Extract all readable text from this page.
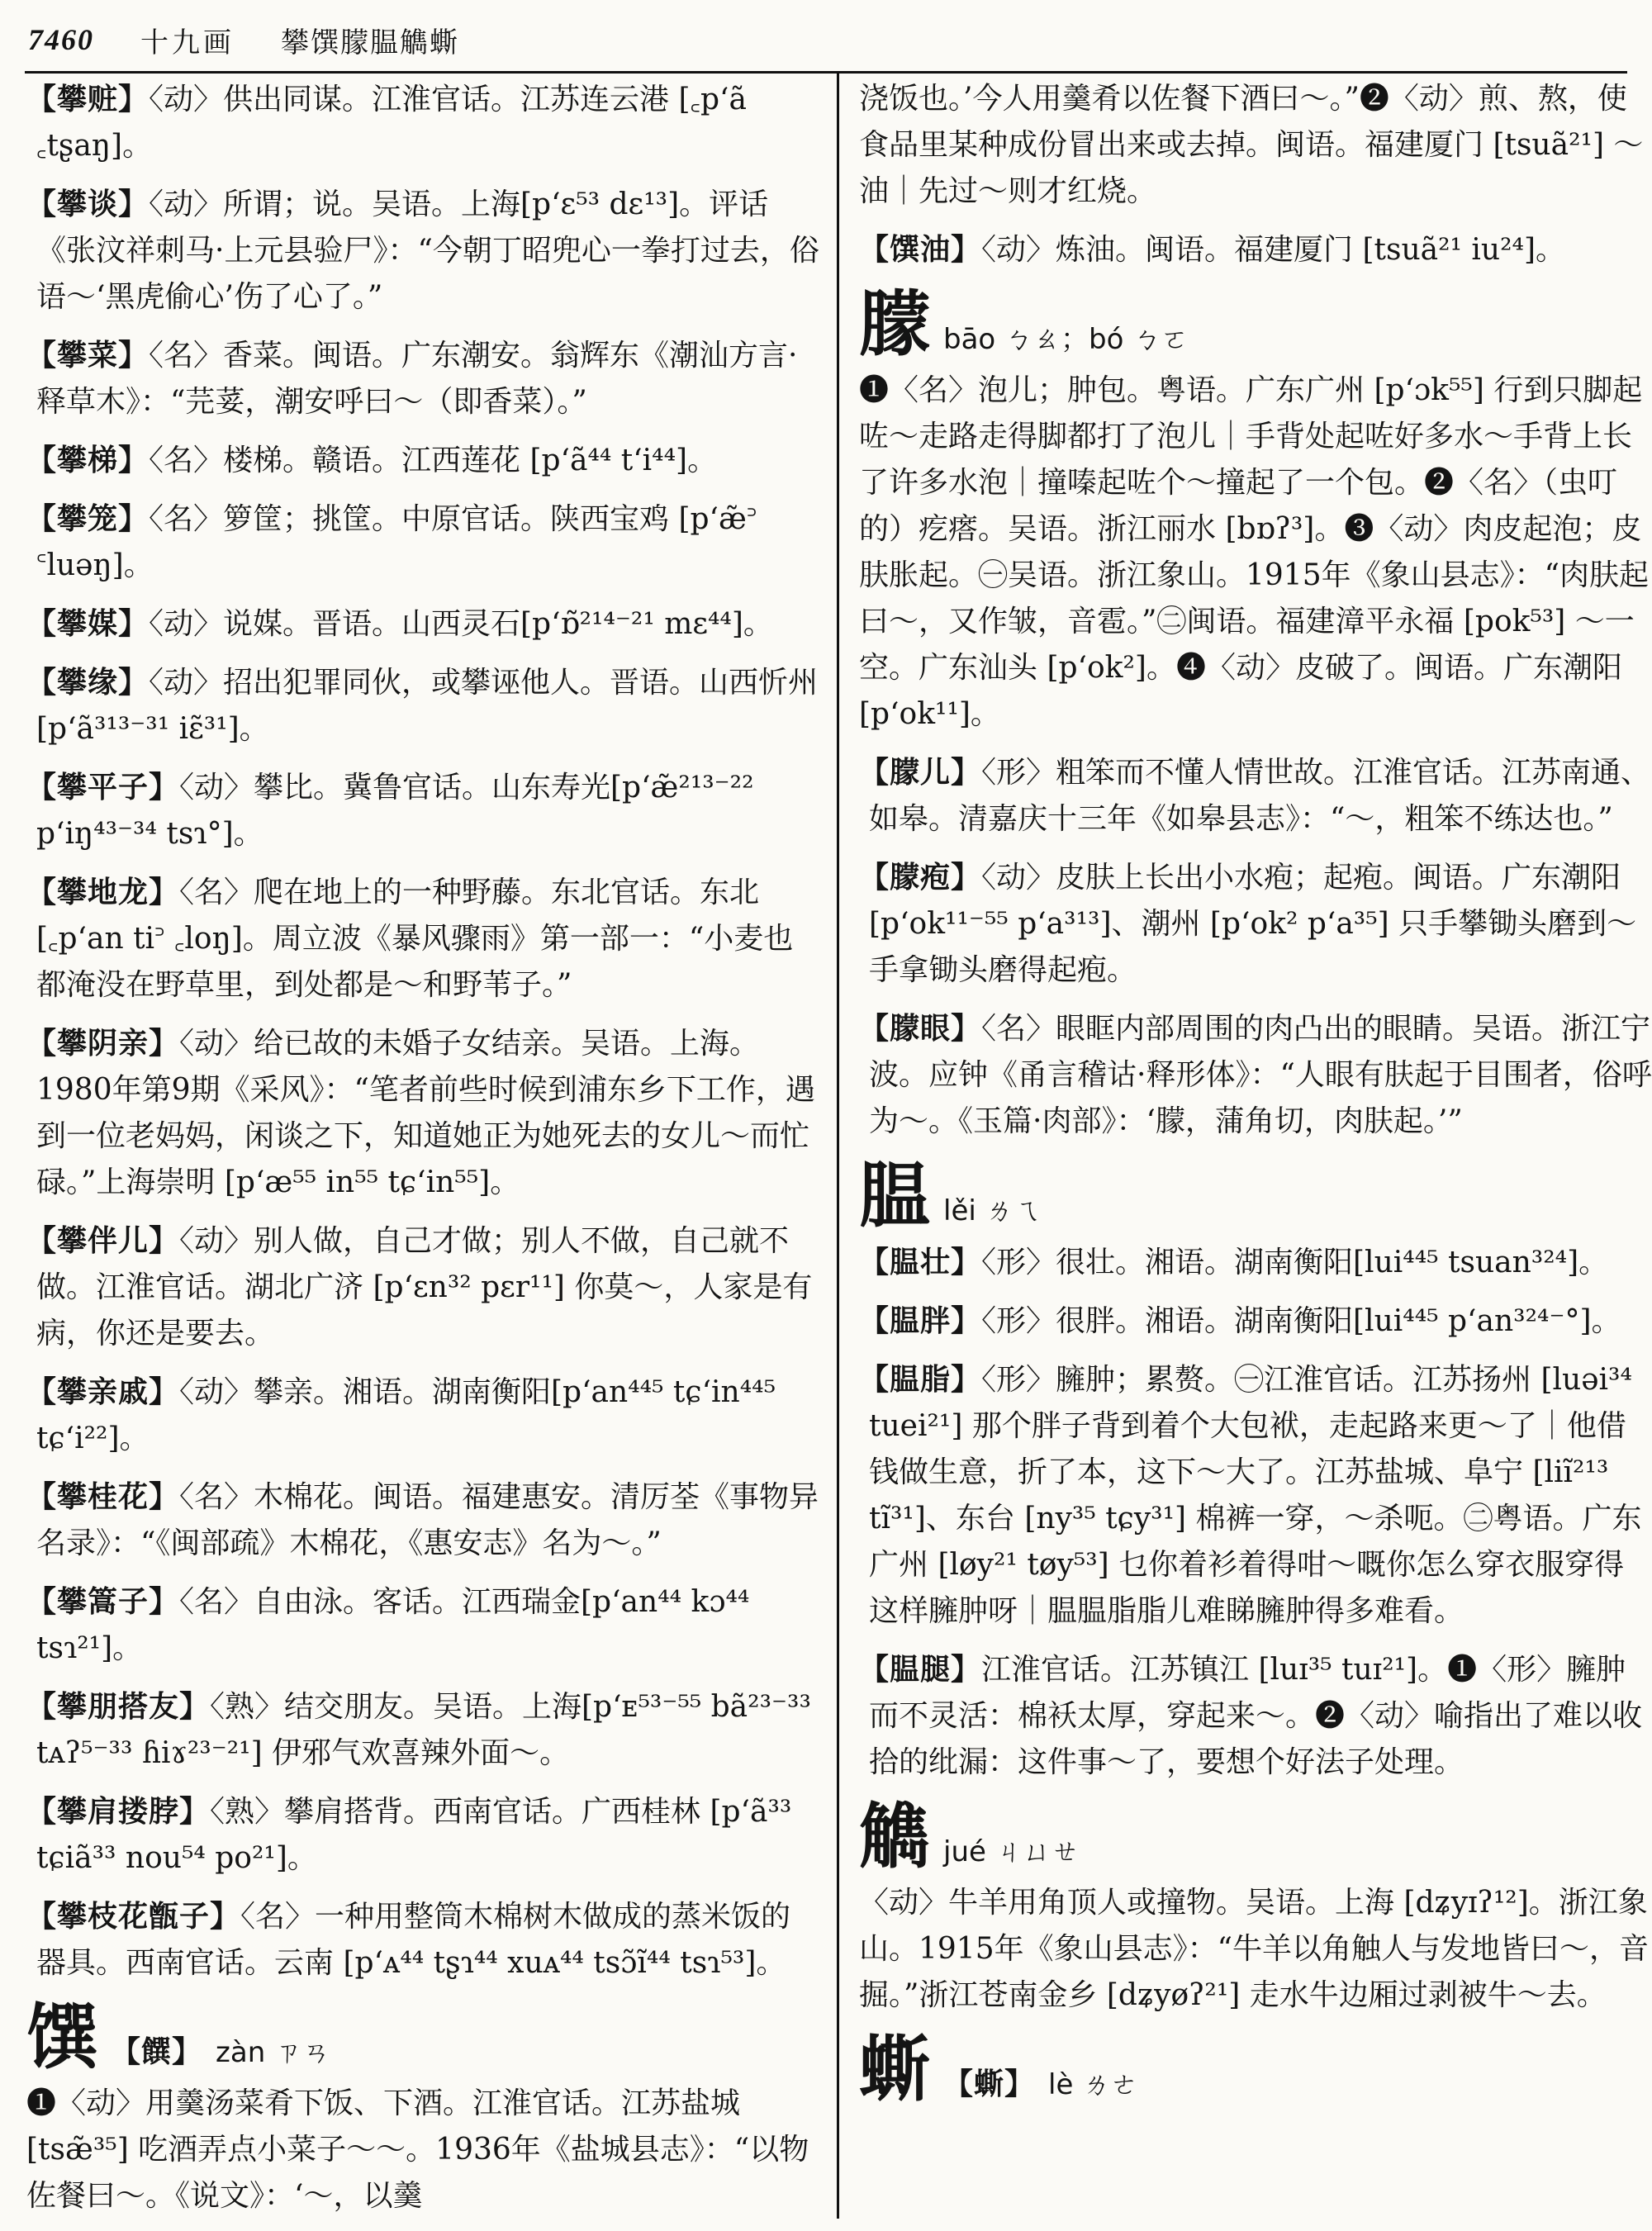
7460 十九画 攀馔朦腽觹蟖
【攀赃】〈动〉供出同谋。江淮官话。江苏连云港 [꜀pʻã ꜀tʂaŋ]。
【攀谈】〈动〉所谓；说。吴语。上海[pʻɛ⁵³ dɛ¹³]。评话《张汶祥刺马·上元县验尸》：“今朝丁昭兜心一拳打过去，俗语～‘黑虎偷心’伤了心了。”
【攀菜】〈名〉香菜。闽语。广东潮安。翁辉东《潮汕方言·释草木》：“芫荽，潮安呼曰～（即香菜）。”
【攀梯】〈名〉楼梯。赣语。江西莲花 [pʻã⁴⁴ tʻi⁴⁴]。
【攀笼】〈名〉箩筐；挑筐。中原官话。陕西宝鸡 [pʻæ̃꜄ ꜂luəŋ]。
【攀媒】〈动〉说媒。晋语。山西灵石[pʻɒ̃²¹⁴⁻²¹ mɛ⁴⁴]。
【攀缘】〈动〉招出犯罪同伙，或攀诬他人。晋语。山西忻州 [pʻã³¹³⁻³¹ iɛ̃³¹]。
【攀平子】〈动〉攀比。冀鲁官话。山东寿光[pʻæ̃²¹³⁻²² pʻiŋ⁴³⁻³⁴ tsɿ°]。
【攀地龙】〈名〉爬在地上的一种野藤。东北官话。东北[꜀pʻan ti꜄ ꜀loŋ]。周立波《暴风骤雨》第一部一：“小麦也都淹没在野草里，到处都是～和野苇子。”
【攀阴亲】〈动〉给已故的未婚子女结亲。吴语。上海。1980年第9期《采风》：“笔者前些时候到浦东乡下工作，遇到一位老妈妈，闲谈之下，知道她正为她死去的女儿～而忙碌。”上海崇明 [pʻæ⁵⁵ in⁵⁵ tɕʻin⁵⁵]。
【攀伴儿】〈动〉别人做，自己才做；别人不做，自己就不做。江淮官话。湖北广济 [pʻɛn³² pɛr¹¹] 你莫～，人家是有病，你还是要去。
【攀亲戚】〈动〉攀亲。湘语。湖南衡阳[pʻan⁴⁴⁵ tɕʻin⁴⁴⁵ tɕʻi²²]。
【攀桂花】〈名〉木棉花。闽语。福建惠安。清厉荃《事物异名录》：“《闽部疏》木棉花，《惠安志》名为～。”
【攀篙子】〈名〉自由泳。客话。江西瑞金[pʻan⁴⁴ kɔ⁴⁴ tsɿ²¹]。
【攀朋搭友】〈熟〉结交朋友。吴语。上海[pʻᴇ⁵³⁻⁵⁵ bã²³⁻³³ tᴀʔ⁵⁻³³ ɦiɤ²³⁻²¹] 伊邪气欢喜辣外面～。
【攀肩搂脖】〈熟〉攀肩搭背。西南官话。广西桂林 [pʻã³³ tɕiã³³ nou⁵⁴ po²¹]。
【攀枝花甑子】〈名〉一种用整筒木棉树木做成的蒸米饭的器具。西南官话。云南 [pʻᴀ⁴⁴ tʂɿ⁴⁴ xuᴀ⁴⁴ tsɔ̃ĩ⁴⁴ tsɿ⁵³]。
馔 【饌】 zàn ㄗㄢ
❶〈动〉用羹汤菜肴下饭、下酒。江淮官话。江苏盐城 [tsæ̃³⁵] 吃酒弄点小菜子～～。1936年《盐城县志》：“以物佐餐曰～。《说文》：‘～，以羹
浇饭也。’今人用羹肴以佐餐下酒曰～。”❷〈动〉煎、熬，使食品里某种成份冒出来或去掉。闽语。福建厦门 [tsuã²¹] ～油｜先过～则才红烧。
【馔油】〈动〉炼油。闽语。福建厦门 [tsuã²¹ iu²⁴]。
朦 bāo ㄅㄠ；bó ㄅㄛ
❶〈名〉泡儿；肿包。粤语。广东广州 [pʻɔk⁵⁵] 行到只脚起咗～走路走得脚都打了泡儿｜手背处起咗好多水～手背上长了许多水泡｜撞嗪起咗个～撞起了一个包。❷〈名〉（虫叮的）疙瘩。吴语。浙江丽水 [bɒʔ³]。❸〈动〉肉皮起泡；皮肤胀起。㊀吴语。浙江象山。1915年《象山县志》：“肉肤起曰～，又作皱，音雹。”㊁闽语。福建漳平永福 [pok⁵³] ～一空。广东汕头 [pʻok²]。❹〈动〉皮破了。闽语。广东潮阳 [pʻok¹¹]。
【朦儿】〈形〉粗笨而不懂人情世故。江淮官话。江苏南通、如皋。清嘉庆十三年《如皋县志》：“～，粗笨不练达也。”
【朦疱】〈动〉皮肤上长出小水疱；起疱。闽语。广东潮阳 [pʻok¹¹⁻⁵⁵ pʻa³¹³]、潮州 [pʻok² pʻa³⁵] 只手攀锄头磨到～手拿锄头磨得起疱。
【朦眼】〈名〉眼眶内部周围的肉凸出的眼睛。吴语。浙江宁波。应钟《甬言稽诂·释形体》：“人眼有肤起于目围者，俗呼为～。《玉篇·肉部》：‘朦，蒲角切，肉肤起。’”
腽 lěi ㄌㄟ
【腽壮】〈形〉很壮。湘语。湖南衡阳[lui⁴⁴⁵ tsuan³²⁴]。
【腽胖】〈形〉很胖。湘语。湖南衡阳[lui⁴⁴⁵ pʻan³²⁴⁻°]。
【腽脂】〈形〉臃肿；累赘。㊀江淮官话。江苏扬州 [luəi³⁴ tuei²¹] 那个胖子背到着个大包袱，走起路来更～了｜他借钱做生意，折了本，这下～大了。江苏盐城、阜宁 [liĩ²¹³ tĩ³¹]、东台 [ny³⁵ tɕy³¹] 棉裤一穿，～杀呃。㊁粤语。广东广州 [løy²¹ tøy⁵³] 乜你着衫着得咁～嘅你怎么穿衣服穿得这样臃肿呀｜腽腽脂脂儿难睇臃肿得多难看。
【腽腿】江淮官话。江苏镇江 [luɪ³⁵ tuɪ²¹]。❶〈形〉臃肿而不灵活：棉袄太厚，穿起来～。❷〈动〉喻指出了难以收拾的纰漏：这件事～了，要想个好法子处理。
觹 jué ㄐㄩㄝ
〈动〉牛羊用角顶人或撞物。吴语。上海 [dʑyɪʔ¹²]。浙江象山。1915年《象山县志》：“牛羊以角触人与发地皆曰～，音掘。”浙江苍南金乡 [dʑyøʔ²¹] 走水牛边厢过剥被牛～去。
蟖 【蟖】 lè ㄌㄜ
